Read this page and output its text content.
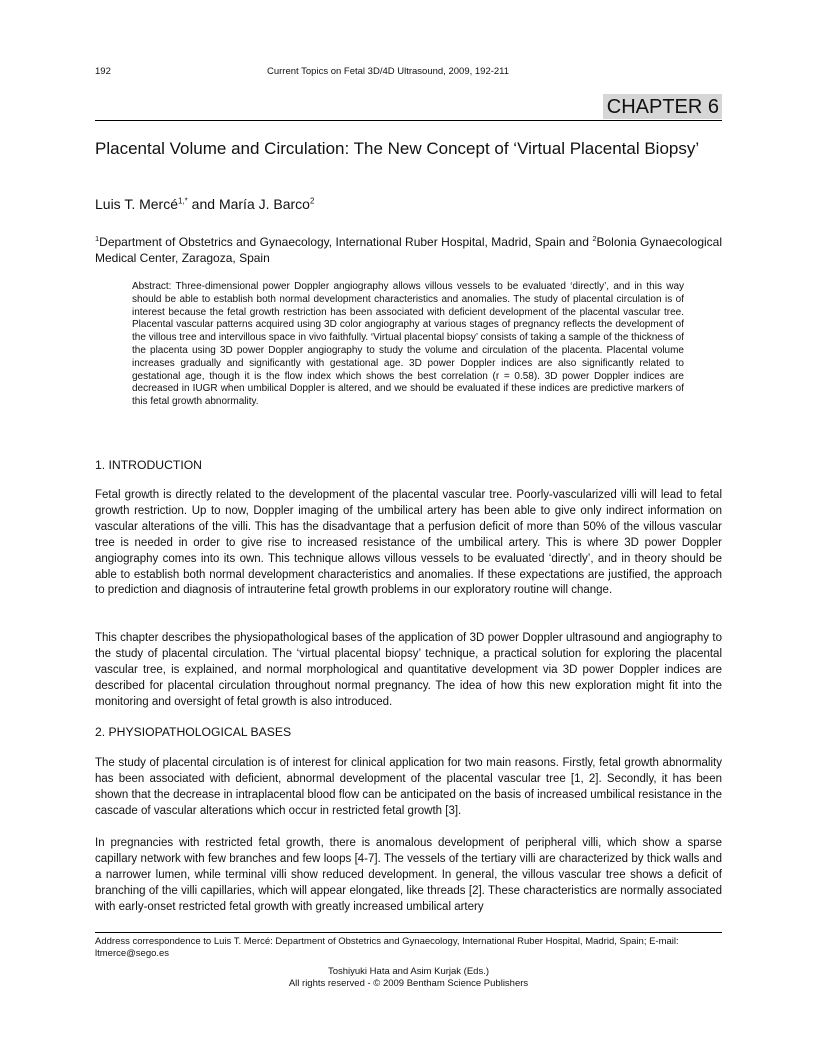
192	Current Topics on Fetal 3D/4D Ultrasound, 2009, 192-211
CHAPTER 6
Placental Volume and Circulation: The New Concept of ‘Virtual Placental Biopsy’
Luis T. Mercé$^{1,*}$ and María J. Barco$^2$
$^1$Department of Obstetrics and Gynaecology, International Ruber Hospital, Madrid, Spain and $^2$Bolonia Gynaecological Medical Center, Zaragoza, Spain
Abstract: Three-dimensional power Doppler angiography allows villous vessels to be evaluated ‘directly’, and in this way should be able to establish both normal development characteristics and anomalies. The study of placental circulation is of interest because the fetal growth restriction has been associated with deficient development of the placental vascular tree. Placental vascular patterns acquired using 3D color angiography at various stages of pregnancy reflects the development of the villous tree and intervillous space in vivo faithfully. ‘Virtual placental biopsy’ consists of taking a sample of the thickness of the placenta using 3D power Doppler angiography to study the volume and circulation of the placenta. Placental volume increases gradually and significantly with gestational age. 3D power Doppler indices are also significantly related to gestational age, though it is the flow index which shows the best correlation (r = 0.58). 3D power Doppler indices are decreased in IUGR when umbilical Doppler is altered, and we should be evaluated if these indices are predictive markers of this fetal growth abnormality.
1. INTRODUCTION

Fetal growth is directly related to the development of the placental vascular tree. Poorly-vascularized villi will lead to fetal growth restriction. Up to now, Doppler imaging of the umbilical artery has been able to give only indirect information on vascular alterations of the villi. This has the disadvantage that a perfusion deficit of more than 50% of the villous vascular tree is needed in order to give rise to increased resistance of the umbilical artery. This is where 3D power Doppler angiography comes into its own. This technique allows villous vessels to be evaluated ‘directly’, and in theory should be able to establish both normal development characteristics and anomalies. If these expectations are justified, the approach to prediction and diagnosis of intrauterine fetal growth problems in our exploratory routine will change.

This chapter describes the physiopathological bases of the application of 3D power Doppler ultrasound and angiography to the study of placental circulation. The ‘virtual placental biopsy’ technique, a practical solution for exploring the placental vascular tree, is explained, and normal morphological and quantitative development via 3D power Doppler indices are described for placental circulation throughout normal pregnancy. The idea of how this new exploration might fit into the monitoring and oversight of fetal growth is also introduced.

2. PHYSIOPATHOLOGICAL BASES

The study of placental circulation is of interest for clinical application for two main reasons. Firstly, fetal growth abnormality has been associated with deficient, abnormal development of the placental vascular tree [1, 2]. Secondly, it has been shown that the decrease in intraplacental blood flow can be anticipated on the basis of increased umbilical resistance in the cascade of vascular alterations which occur in restricted fetal growth [3].

In pregnancies with restricted fetal growth, there is anomalous development of peripheral villi, which show a sparse capillary network with few branches and few loops [4-7]. The vessels of the tertiary villi are characterized by thick walls and a narrower lumen, while terminal villi show reduced development. In general, the villous vascular tree shows a deficit of branching of the villi capillaries, which will appear elongated, like threads [2]. These characteristics are normally associated with early-onset restricted fetal growth with greatly increased umbilical artery

Address correspondence to Luis T. Mercé: Department of Obstetrics and Gynaecology, International Ruber Hospital, Madrid, Spain; E-mail: ltmerce@sego.es
Toshiyuki Hata and Asim Kurjak (Eds.)
All rights reserved - © 2009 Bentham Science Publishers
